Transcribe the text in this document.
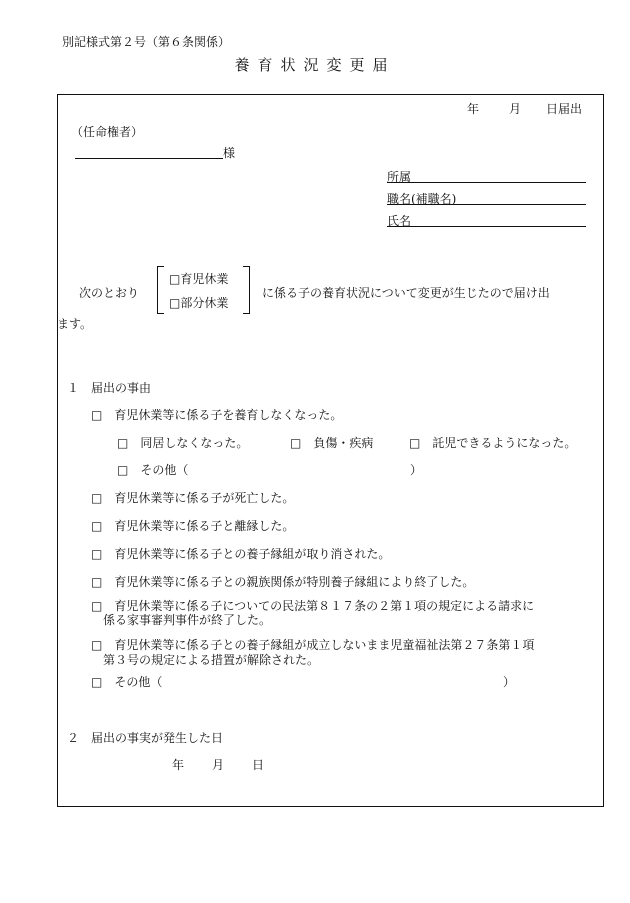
別記様式第２号（第６条関係）
養育状況変更届
年 月 日届出
（任命権者）
様
所属
職名(補職名)
氏名
次のとおり
□育児休業
□部分休業
に係る子の養育状況について変更が生じたので届け出
ます。
１　届出の事由
□　育児休業等に係る子を養育しなくなった。
□　同居しなくなった。	□　負傷・疾病	□　託児できるようになった。
□　その他（	）
□　育児休業等に係る子が死亡した。
□　育児休業等に係る子と離縁した。
□　育児休業等に係る子との養子縁組が取り消された。
□　育児休業等に係る子との親族関係が特別養子縁組により終了した。
□　育児休業等に係る子についての民法第８１７条の２第１項の規定による請求に
係る家事審判事件が終了した。
□　育児休業等に係る子との養子縁組が成立しないまま児童福祉法第２７条第１項
第３号の規定による措置が解除された。
□　その他（	）
２　届出の事実が発生した日
年 月 日
